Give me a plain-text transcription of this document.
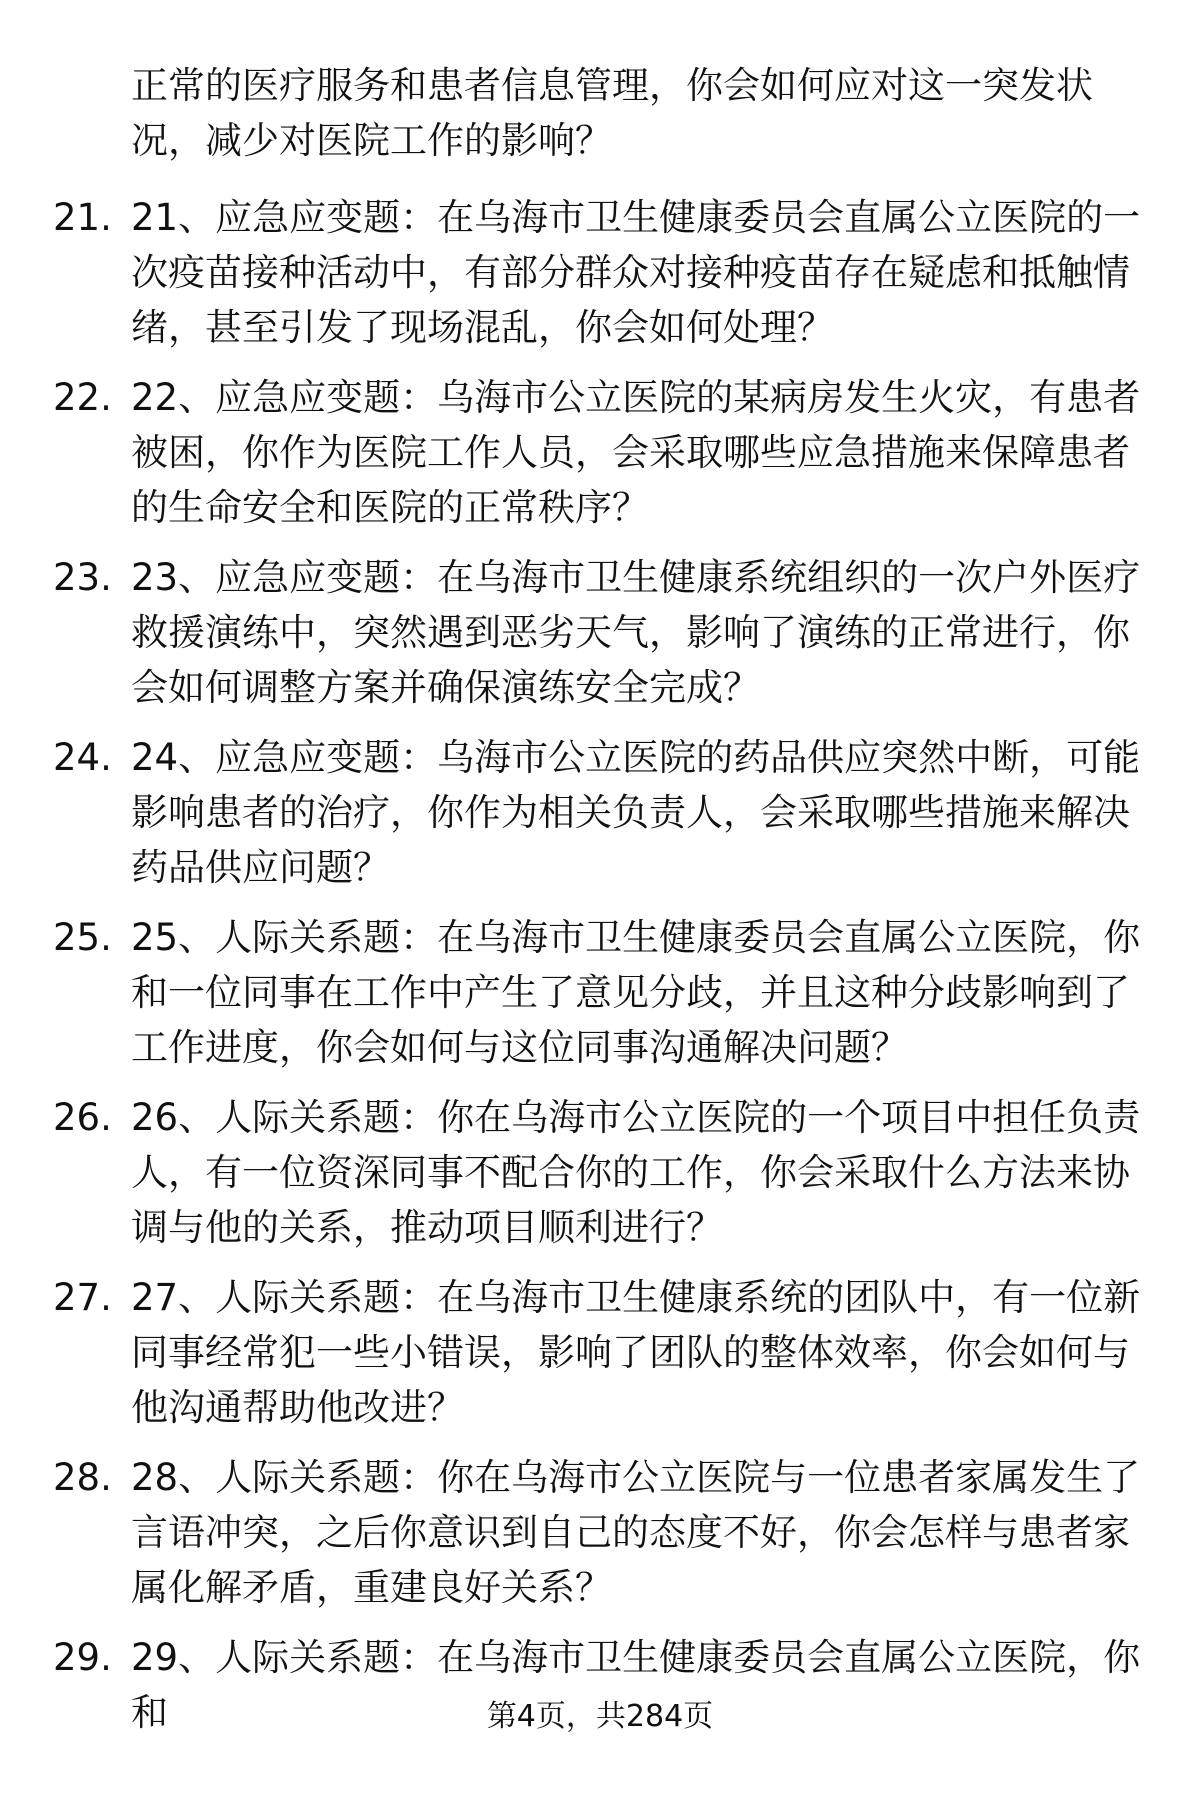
正常的医疗服务和患者信息管理，你会如何应对这一突发状况，减少对医院工作的影响？
21. 21、应急应变题：在乌海市卫生健康委员会直属公立医院的一次疫苗接种活动中，有部分群众对接种疫苗存在疑虑和抵触情绪，甚至引发了现场混乱，你会如何处理？
22. 22、应急应变题：乌海市公立医院的某病房发生火灾，有患者被困，你作为医院工作人员，会采取哪些应急措施来保障患者的生命安全和医院的正常秩序？
23. 23、应急应变题：在乌海市卫生健康系统组织的一次户外医疗救援演练中，突然遇到恶劣天气，影响了演练的正常进行，你会如何调整方案并确保演练安全完成？
24. 24、应急应变题：乌海市公立医院的药品供应突然中断，可能影响患者的治疗，你作为相关负责人，会采取哪些措施来解决药品供应问题？
25. 25、人际关系题：在乌海市卫生健康委员会直属公立医院，你和一位同事在工作中产生了意见分歧，并且这种分歧影响到了工作进度，你会如何与这位同事沟通解决问题？
26. 26、人际关系题：你在乌海市公立医院的一个项目中担任负责人，有一位资深同事不配合你的工作，你会采取什么方法来协调与他的关系，推动项目顺利进行？
27. 27、人际关系题：在乌海市卫生健康系统的团队中，有一位新同事经常犯一些小错误，影响了团队的整体效率，你会如何与他沟通帮助他改进？
28. 28、人际关系题：你在乌海市公立医院与一位患者家属发生了言语冲突，之后你意识到自己的态度不好，你会怎样与患者家属化解矛盾，重建良好关系？
29. 29、人际关系题：在乌海市卫生健康委员会直属公立医院，你和	第4页，共284页
